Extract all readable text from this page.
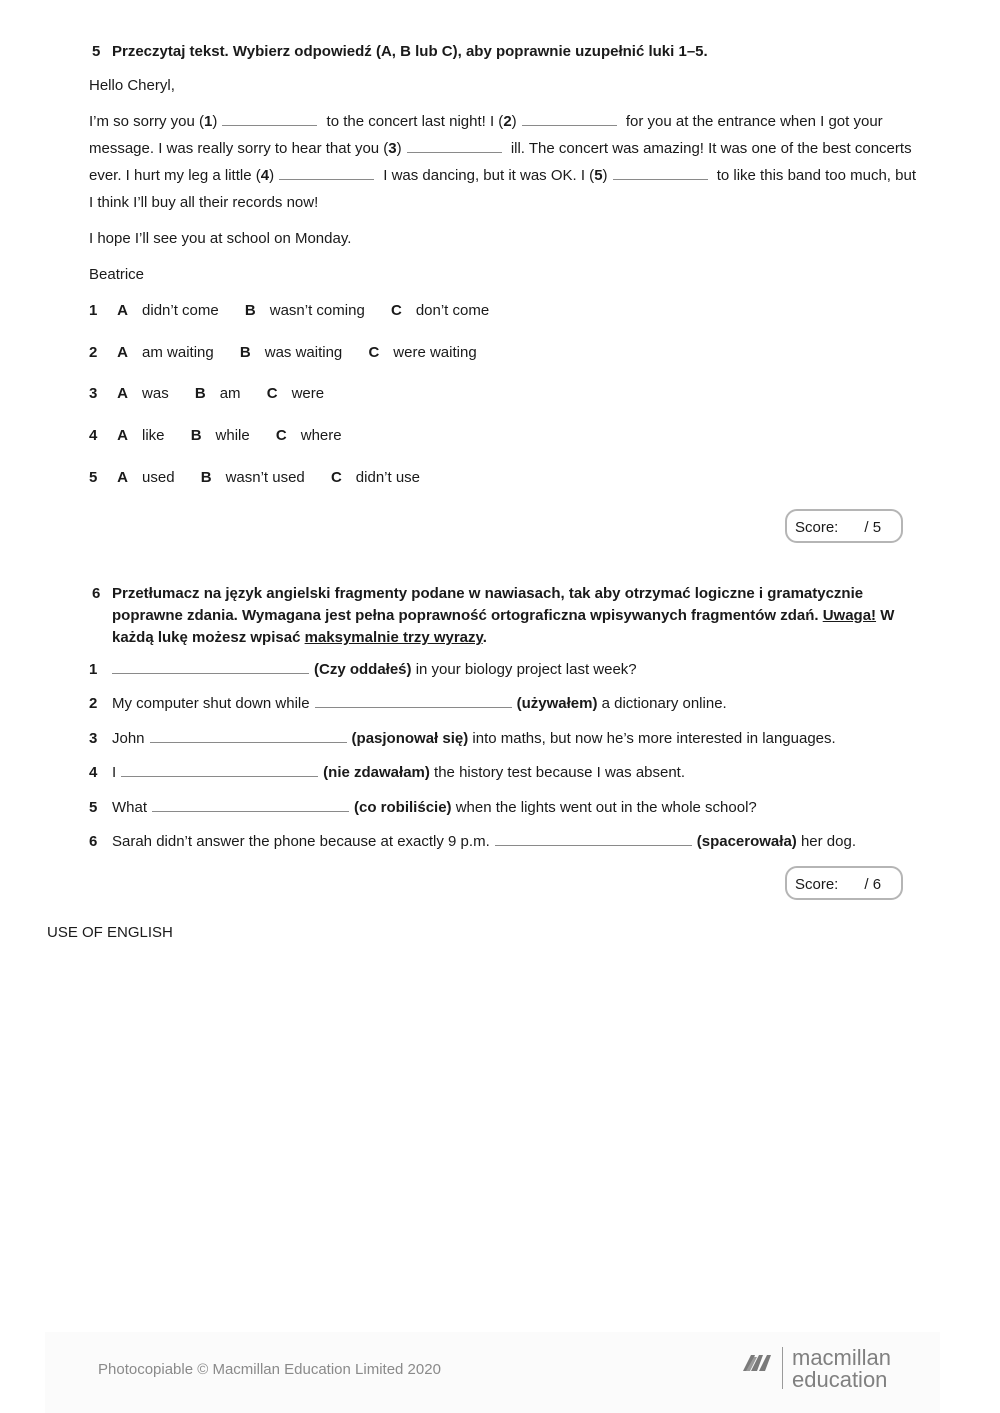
5 Przeczytaj tekst. Wybierz odpowiedź (A, B lub C), aby poprawnie uzupełnić luki 1–5.
Hello Cheryl,
I’m so sorry you (1)	to the concert last night! I (2)	for you at the entrance when I got your message. I was really sorry to hear that you (3)	ill. The concert was amazing! It was one of the best concerts ever. I hurt my leg a little (4)	I was dancing, but it was OK. I (5)	to like this band too much, but I think I’ll buy all their records now!
I hope I’ll see you at school on Monday.
Beatrice
1 A didn’t come B wasn’t coming C don’t come
2 A am waiting B was waiting C were waiting
3 A was B am C were
4 A like B while C where
5 A used B wasn’t used C didn’t use
Score: / 5
6 Przetłumacz na język angielski fragmenty podane w nawiasach, tak aby otrzymać logiczne i gramatycznie poprawne zdania. Wymagana jest pełna poprawność ortograficzna wpisywanych fragmentów zdań. Uwaga! W każdą lukę możesz wpisać maksymalnie trzy wyrazy.
1	(Czy oddałeś) in your biology project last week?
2 My computer shut down while	(używałem) a dictionary online.
3 John	(pasjonował się) into maths, but now he’s more interested in languages.
4 I	(nie zdawałam) the history test because I was absent.
5 What	(co robiliście) when the lights went out in the whole school?
6 Sarah didn’t answer the phone because at exactly 9 p.m.	(spacerowała) her dog.
Score: / 6
USE OF ENGLISH
Photocopiable © Macmillan Education Limited 2020	macmillan
education
